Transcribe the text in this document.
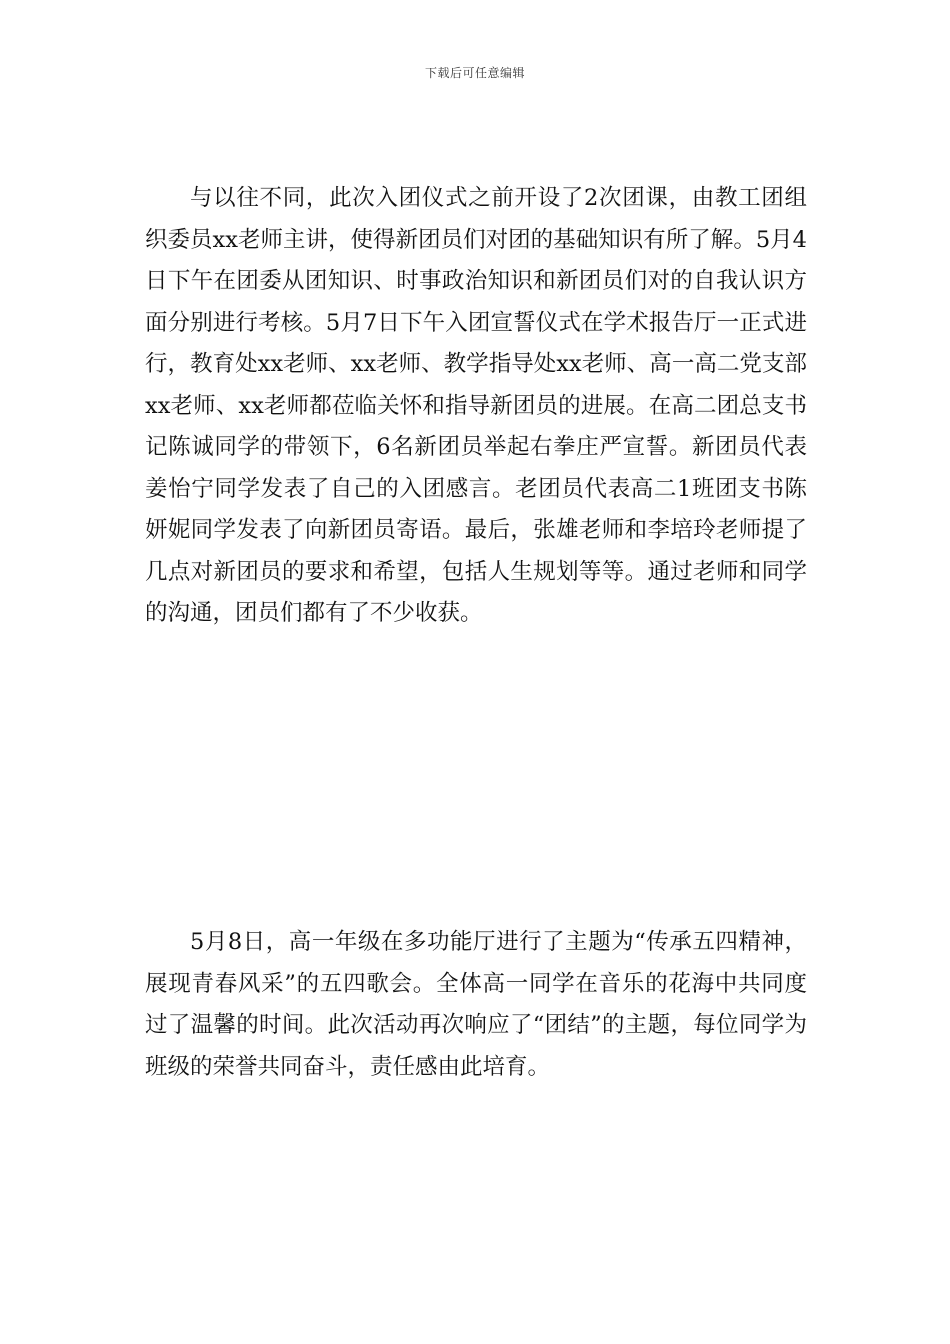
下载后可任意编辑

与以往不同，此次入团仪式之前开设了2次团课，由教工团组织委员xx老师主讲，使得新团员们对团的基础知识有所了解。5月4日下午在团委从团知识、时事政治知识和新团员们对的自我认识方面分别进行考核。5月7日下午入团宣誓仪式在学术报告厅一正式进行，教育处xx老师、xx老师、教学指导处xx老师、高一高二党支部xx老师、xx老师都莅临关怀和指导新团员的进展。在高二团总支书记陈诚同学的带领下，6名新团员举起右拳庄严宣誓。新团员代表姜怡宁同学发表了自己的入团感言。老团员代表高二1班团支书陈妍妮同学发表了向新团员寄语。最后，张雄老师和李培玲老师提了几点对新团员的要求和希望，包括人生规划等等。通过老师和同学的沟通，团员们都有了不少收获。

5月8日，高一年级在多功能厅进行了主题为“传承五四精神，展现青春风采”的五四歌会。全体高一同学在音乐的花海中共同度过了温馨的时间。此次活动再次响应了“团结”的主题，每位同学为班级的荣誉共同奋斗，责任感由此培育。
